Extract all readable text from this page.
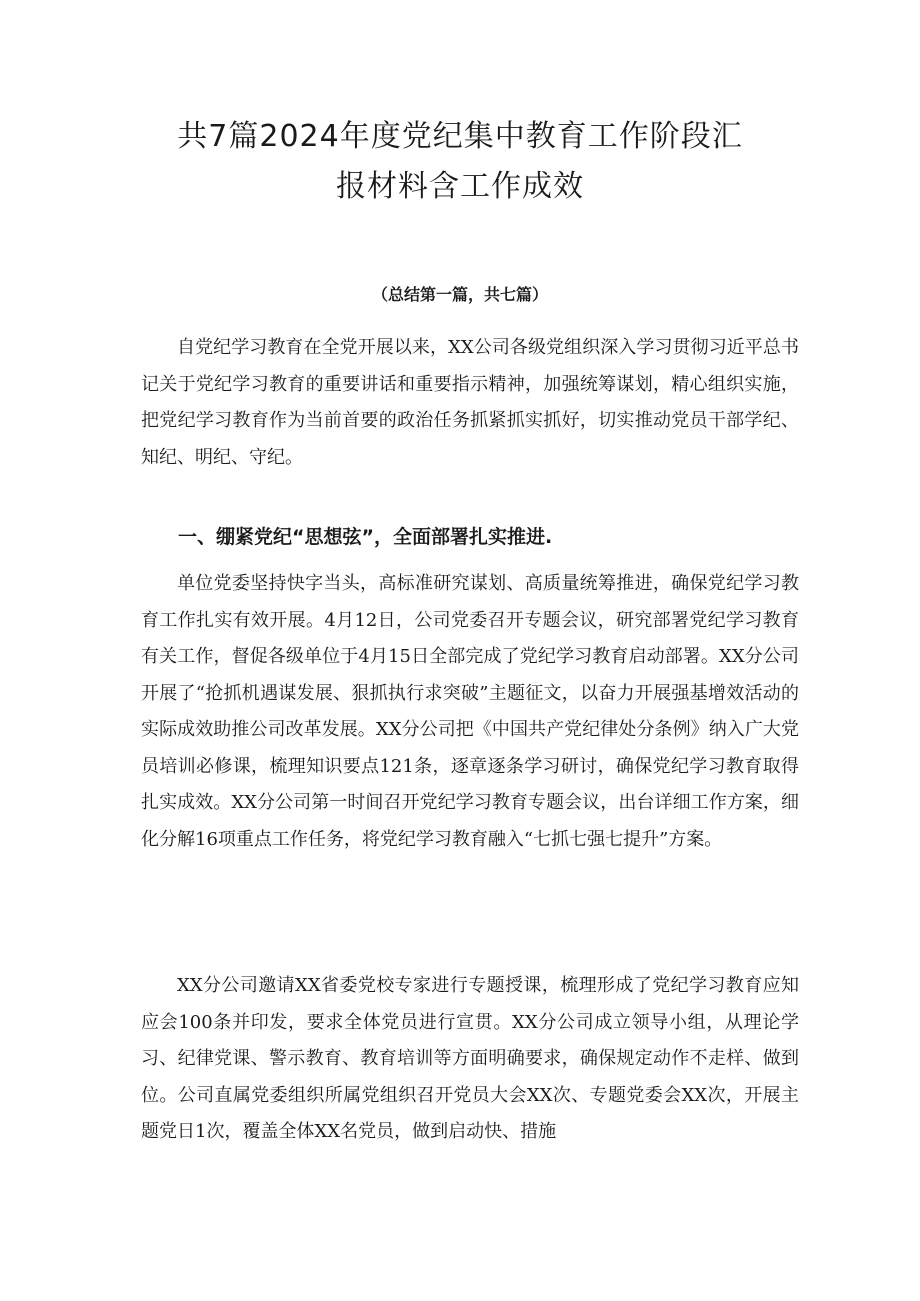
共7篇2024年度党纪集中教育工作阶段汇
报材料含工作成效

（总结第一篇，共七篇）

自党纪学习教育在全党开展以来，XX公司各级党组织深入学习贯彻习近平总书记关于党纪学习教育的重要讲话和重要指示精神，加强统筹谋划，精心组织实施，把党纪学习教育作为当前首要的政治任务抓紧抓实抓好，切实推动党员干部学纪、知纪、明纪、守纪。

一、绷紧党纪“思想弦”，全面部署扎实推进.

单位党委坚持快字当头，高标准研究谋划、高质量统筹推进，确保党纪学习教育工作扎实有效开展。4月12日，公司党委召开专题会议，研究部署党纪学习教育有关工作，督促各级单位于4月15日全部完成了党纪学习教育启动部署。XX分公司开展了“抢抓机遇谋发展、狠抓执行求突破”主题征文，以奋力开展强基增效活动的实际成效助推公司改革发展。XX分公司把《中国共产党纪律处分条例》纳入广大党员培训必修课，梳理知识要点121条，逐章逐条学习研讨，确保党纪学习教育取得扎实成效。XX分公司第一时间召开党纪学习教育专题会议，出台详细工作方案，细化分解16项重点工作任务，将党纪学习教育融入“七抓七强七提升”方案。

XX分公司邀请XX省委党校专家进行专题授课，梳理形成了党纪学习教育应知应会100条并印发，要求全体党员进行宣贯。XX分公司成立领导小组，从理论学习、纪律党课、警示教育、教育培训等方面明确要求，确保规定动作不走样、做到位。公司直属党委组织所属党组织召开党员大会XX次、专题党委会XX次，开展主题党日1次，覆盖全体XX名党员，做到启动快、措施
